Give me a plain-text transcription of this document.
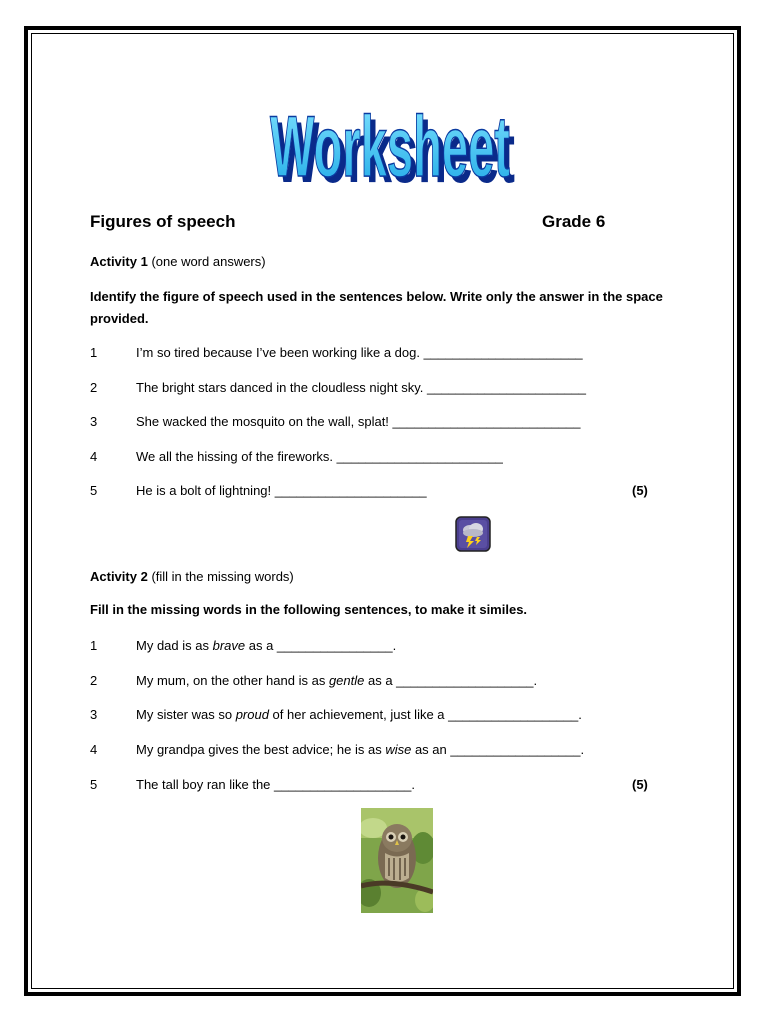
Worksheet
Worksheet
Figures of speech	Grade 6
Activity 1 (one word answers)
Identify the figure of speech used in the sentences below. Write only the answer in the space provided.
1	I’m so tired because I’ve been working like a dog. ______________________
2	The bright stars danced in the cloudless night sky. ______________________
3	She wacked the mosquito on the wall, splat! __________________________
4	We all the hissing of the fireworks. _______________________
5	He is a bolt of lightning! _____________________	(5)
Activity 2 (fill in the missing words)
Fill in the missing words in the following sentences, to make it similes.
1	My dad is as brave as a ________________.
2	My mum, on the other hand is as gentle as a ___________________.
3	My sister was so proud of her achievement, just like a __________________.
4	My grandpa gives the best advice; he is as wise as an __________________.
5	The tall boy ran like the ___________________.	(5)
